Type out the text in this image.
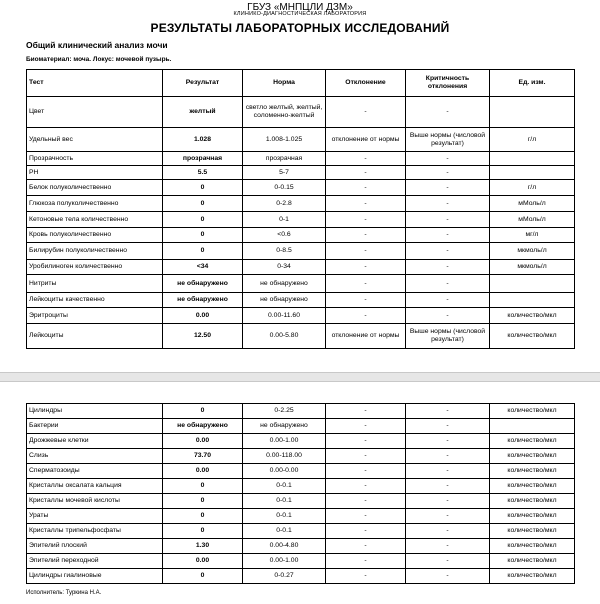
ГБУЗ «МНПЦЛИ ДЗМ»
КЛИНИКО-ДИАГНОСТИЧЕСКАЯ ЛАБОРАТОРИЯ
РЕЗУЛЬТАТЫ ЛАБОРАТОРНЫХ ИССЛЕДОВАНИЙ
Общий клинический анализ мочи
Биоматериал: моча. Локус: мочевой пузырь.
Тест	Результат	Норма	Отклонение	Критичность отклонения	Ед. изм.
Цвет	желтый	светло желтый, желтый, соломенно-желтый	-	-	
Удельный вес	1.028	1.008-1.025	отклонение от нормы	Выше нормы (числовой результат)	г/л
Прозрачность	прозрачная	прозрачная	-	-	
PH	5.5	5-7	-	-	
Белок полуколичественно	0	0-0.15	-	-	г/л
Глюкоза полуколичественно	0	0-2.8	-	-	мМоль/л
Кетоновые тела количественно	0	0-1	-	-	мМоль/л
Кровь полуколичественно	0	<0.6	-	-	мг/л
Билирубин полуколичественно	0	0-8.5	-	-	мкмоль/л
Уробилиноген количественно	<34	0-34	-	-	мкмоль/л
Нитриты	не обнаружено	не обнаружено	-	-	
Лейкоциты качественно	не обнаружено	не обнаружено	-	-	
Эритроциты	0.00	0.00-11.60	-	-	количество/мкл
Лейкоциты	12.50	0.00-5.80	отклонение от нормы	Выше нормы (числовой результат)	количество/мкл
Цилиндры	0	0-2.25	-	-	количество/мкл
Бактерии	не обнаружено	не обнаружено	-	-	
Дрожжевые клетки	0.00	0.00-1.00	-	-	количество/мкл
Слизь	73.70	0.00-118.00	-	-	количество/мкл
Сперматозоиды	0.00	0.00-0.00	-	-	количество/мкл
Кристаллы оксалата кальция	0	0-0.1	-	-	количество/мкл
Кристаллы мочевой кислоты	0	0-0.1	-	-	количество/мкл
Ураты	0	0-0.1	-	-	количество/мкл
Кристаллы трипельфосфаты	0	0-0.1	-	-	количество/мкл
Эпителий плоский	1.30	0.00-4.80	-	-	количество/мкл
Эпителий переходной	0.00	0.00-1.00	-	-	количество/мкл
Цилиндры гиалиновые	0	0-0.27	-	-	количество/мкл
Исполнитель: Туркина Н.А.
